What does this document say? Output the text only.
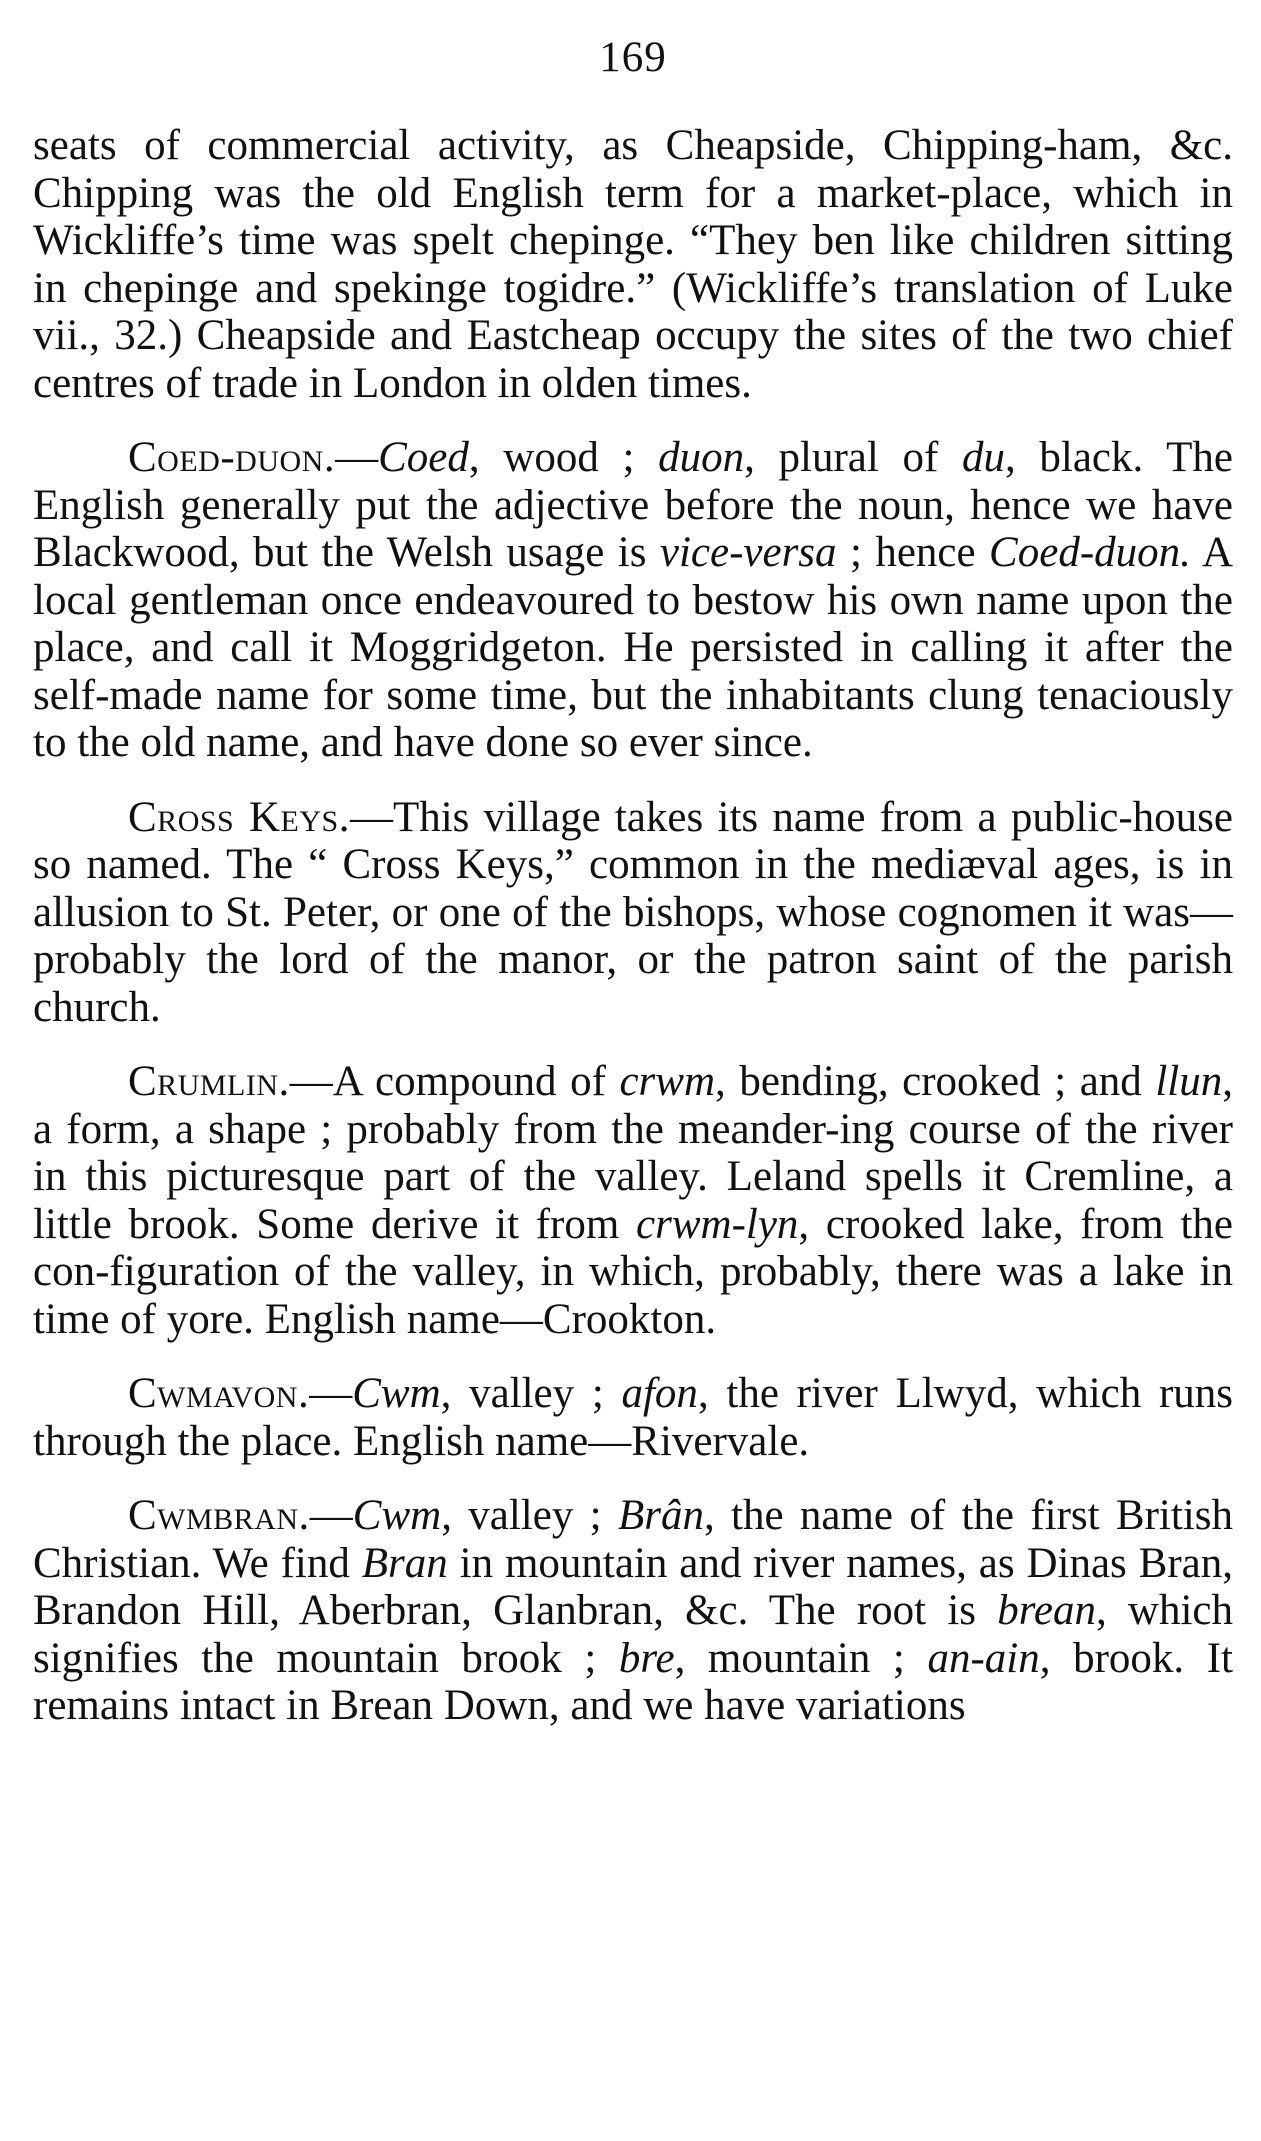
169

seats of commercial activity, as Cheapside, Chipping-ham, &c. Chipping was the old English term for a market-place, which in Wickliffe’s time was spelt chepinge. “They ben like children sitting in chepinge and spekinge togidre.” (Wickliffe’s translation of Luke vii., 32.) Cheapside and Eastcheap occupy the sites of the two chief centres of trade in London in olden times.

Coed-duon.—Coed, wood ; duon, plural of du, black. The English generally put the adjective before the noun, hence we have Blackwood, but the Welsh usage is vice-versa ; hence Coed-duon. A local gentleman once endeavoured to bestow his own name upon the place, and call it Moggridgeton. He persisted in calling it after the self-made name for some time, but the inhabitants clung tenaciously to the old name, and have done so ever since.

Cross Keys.—This village takes its name from a public-house so named. The “ Cross Keys,” common in the mediæval ages, is in allusion to St. Peter, or one of the bishops, whose cognomen it was—probably the lord of the manor, or the patron saint of the parish church.

Crumlin.—A compound of crwm, bending, crooked ; and llun, a form, a shape ; probably from the meander-ing course of the river in this picturesque part of the valley. Leland spells it Cremline, a little brook. Some derive it from crwm-lyn, crooked lake, from the con-figuration of the valley, in which, probably, there was a lake in time of yore. English name—Crookton.

Cwmavon.—Cwm, valley ; afon, the river Llwyd, which runs through the place. English name—Rivervale.

Cwmbran.—Cwm, valley ; Brân, the name of the first British Christian. We find Bran in mountain and river names, as Dinas Bran, Brandon Hill, Aberbran, Glanbran, &c. The root is brean, which signifies the mountain brook ; bre, mountain ; an-ain, brook. It remains intact in Brean Down, and we have variations
